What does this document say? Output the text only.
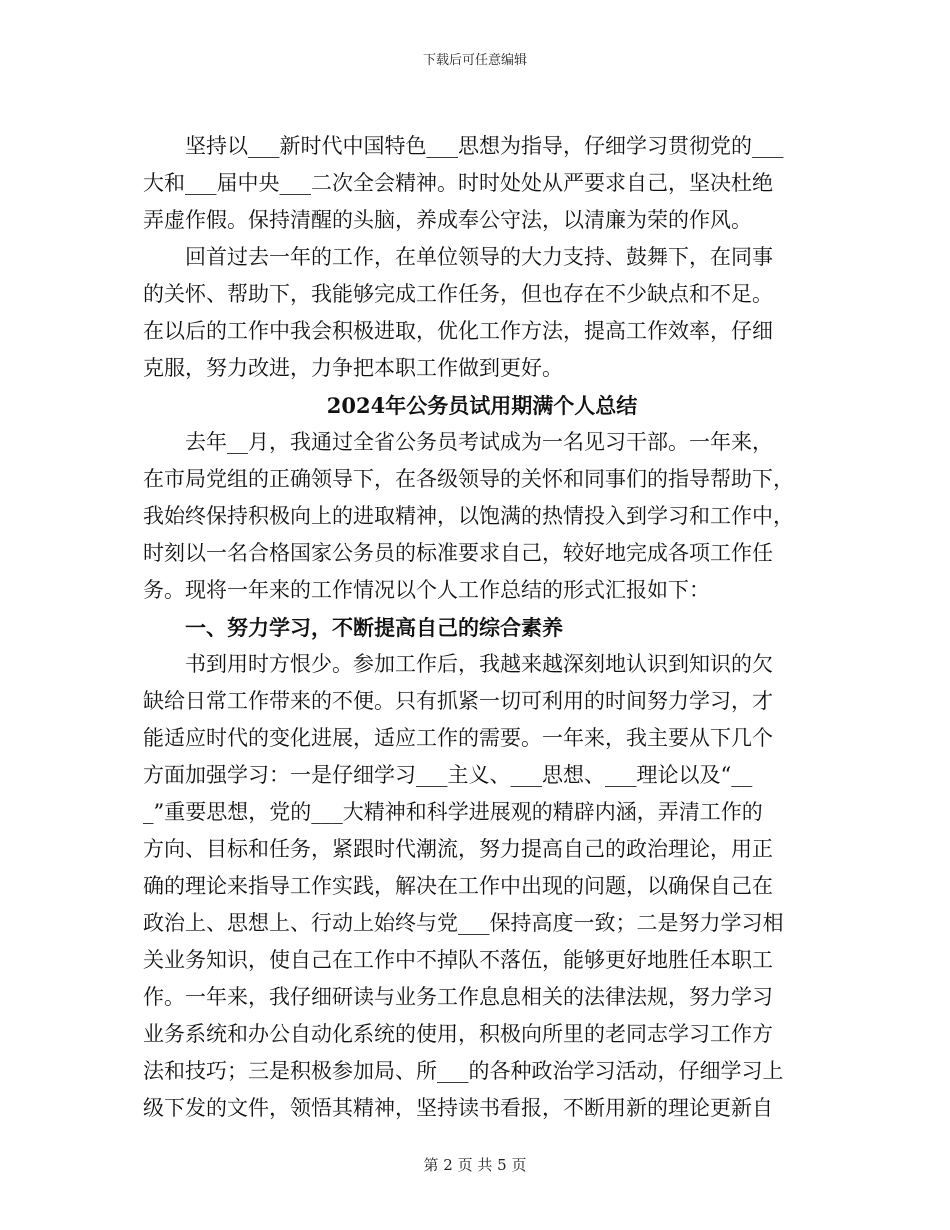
下载后可任意编辑
坚持以___新时代中国特色___思想为指导，仔细学习贯彻党的___
大和___届中央___二次全会精神。时时处处从严要求自己，坚决杜绝
弄虚作假。保持清醒的头脑，养成奉公守法，以清廉为荣的作风。
回首过去一年的工作，在单位领导的大力支持、鼓舞下，在同事
的关怀、帮助下，我能够完成工作任务，但也存在不少缺点和不足。
在以后的工作中我会积极进取，优化工作方法，提高工作效率，仔细
克服，努力改进，力争把本职工作做到更好。
2024年公务员试用期满个人总结
去年__月，我通过全省公务员考试成为一名见习干部。一年来，
在市局党组的正确领导下，在各级领导的关怀和同事们的指导帮助下，
我始终保持积极向上的进取精神，以饱满的热情投入到学习和工作中，
时刻以一名合格国家公务员的标准要求自己，较好地完成各项工作任
务。现将一年来的工作情况以个人工作总结的形式汇报如下：
一、努力学习，不断提高自己的综合素养
书到用时方恨少。参加工作后，我越来越深刻地认识到知识的欠
缺给日常工作带来的不便。只有抓紧一切可利用的时间努力学习，才
能适应时代的变化进展，适应工作的需要。一年来，我主要从下几个
方面加强学习：一是仔细学习___主义、___思想、___理论以及“__
_”重要思想，党的___大精神和科学进展观的精辟内涵，弄清工作的
方向、目标和任务，紧跟时代潮流，努力提高自己的政治理论，用正
确的理论来指导工作实践，解决在工作中出现的问题，以确保自己在
政治上、思想上、行动上始终与党___保持高度一致；二是努力学习相
关业务知识，使自己在工作中不掉队不落伍，能够更好地胜任本职工
作。一年来，我仔细研读与业务工作息息相关的法律法规，努力学习
业务系统和办公自动化系统的使用，积极向所里的老同志学习工作方
法和技巧；三是积极参加局、所___的各种政治学习活动，仔细学习上
级下发的文件，领悟其精神，坚持读书看报，不断用新的理论更新自
第 2 页 共 5 页
